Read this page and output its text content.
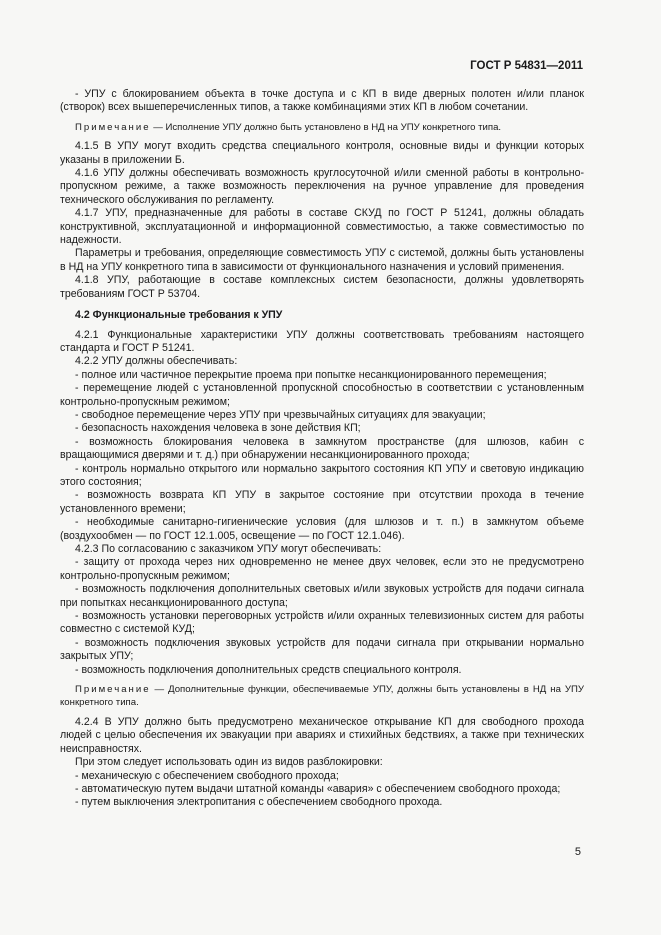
ГОСТ Р 54831—2011

- УПУ с блокированием объекта в точке доступа и с КП в виде дверных полотен и/или планок (створок) всех вышеперечисленных типов, а также комбинациями этих КП в любом сочетании.

Примечание — Исполнение УПУ должно быть установлено в НД на УПУ конкретного типа.

4.1.5 В УПУ могут входить средства специального контроля, основные виды и функции которых указаны в приложении Б.

4.1.6 УПУ должны обеспечивать возможность круглосуточной и/или сменной работы в контрольно-пропускном режиме, а также возможность переключения на ручное управление для проведения технического обслуживания по регламенту.

4.1.7 УПУ, предназначенные для работы в составе СКУД по ГОСТ Р 51241, должны обладать конструктивной, эксплуатационной и информационной совместимостью, а также совместимостью по надежности.

Параметры и требования, определяющие совместимость УПУ с системой, должны быть установлены в НД на УПУ конкретного типа в зависимости от функционального назначения и условий применения.

4.1.8 УПУ, работающие в составе комплексных систем безопасности, должны удовлетворять требованиям ГОСТ Р 53704.

4.2 Функциональные требования к УПУ

4.2.1 Функциональные характеристики УПУ должны соответствовать требованиям настоящего стандарта и ГОСТ Р 51241.

4.2.2 УПУ должны обеспечивать:

- полное или частичное перекрытие проема при попытке несанкционированного перемещения;

- перемещение людей с установленной пропускной способностью в соответствии с установленным контрольно-пропускным режимом;

- свободное перемещение через УПУ при чрезвычайных ситуациях для эвакуации;

- безопасность нахождения человека в зоне действия КП;

- возможность блокирования человека в замкнутом пространстве (для шлюзов, кабин с вращающимися дверями и т. д.) при обнаружении несанкционированного прохода;

- контроль нормально открытого или нормально закрытого состояния КП УПУ и световую индикацию этого состояния;

- возможность возврата КП УПУ в закрытое состояние при отсутствии прохода в течение установленного времени;

- необходимые санитарно-гигиенические условия (для шлюзов и т. п.) в замкнутом объеме (воздухообмен — по ГОСТ 12.1.005, освещение — по ГОСТ 12.1.046).

4.2.3 По согласованию с заказчиком УПУ могут обеспечивать:

- защиту от прохода через них одновременно не менее двух человек, если это не предусмотрено контрольно-пропускным режимом;

- возможность подключения дополнительных световых и/или звуковых устройств для подачи сигнала при попытках несанкционированного доступа;

- возможность установки переговорных устройств и/или охранных телевизионных систем для работы совместно с системой КУД;

- возможность подключения звуковых устройств для подачи сигнала при открывании нормально закрытых УПУ;

- возможность подключения дополнительных средств специального контроля.

Примечание — Дополнительные функции, обеспечиваемые УПУ, должны быть установлены в НД на УПУ конкретного типа.

4.2.4 В УПУ должно быть предусмотрено механическое открывание КП для свободного прохода людей с целью обеспечения их эвакуации при авариях и стихийных бедствиях, а также при технических неисправностях.

При этом следует использовать один из видов разблокировки:

- механическую с обеспечением свободного прохода;

- автоматическую путем выдачи штатной команды «авария» с обеспечением свободного прохода;

- путем выключения электропитания с обеспечением свободного прохода.

5
